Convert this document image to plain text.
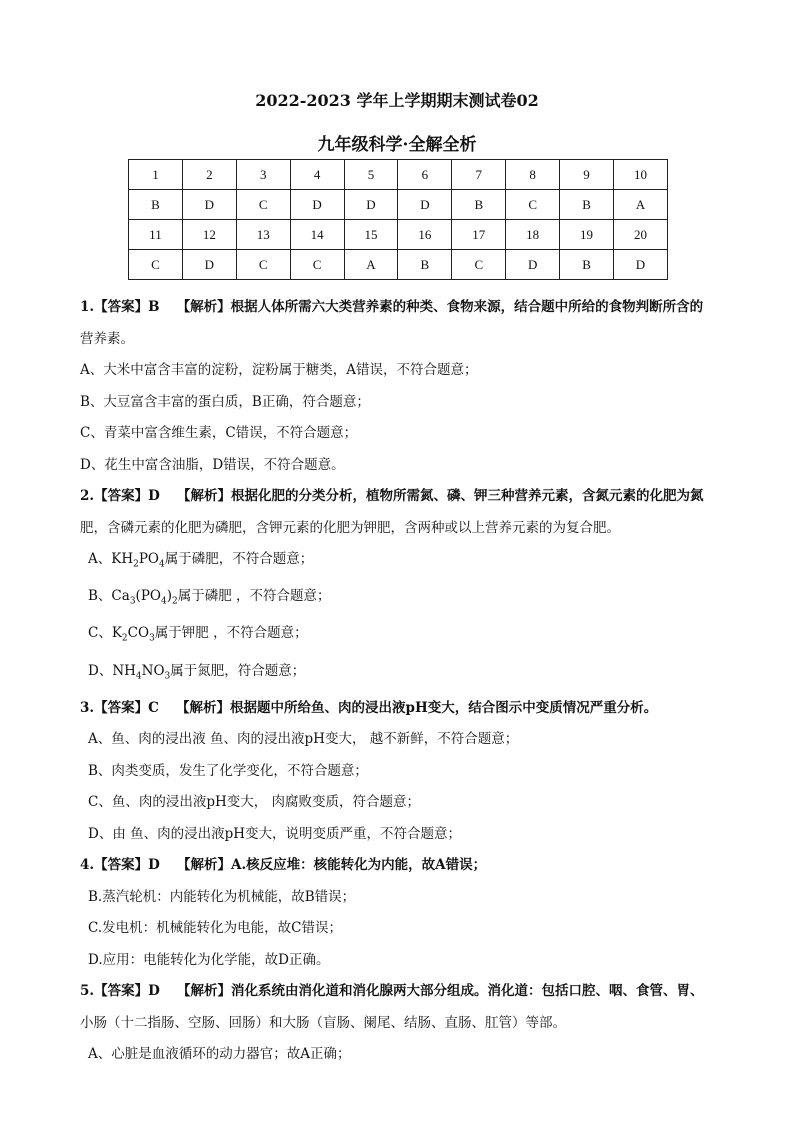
2022-2023 学年上学期期末测试卷02
九年级科学·全解全析
1	2	3	4	5	6	7	8	9	10
B	D	C	D	D	D	B	C	B	A
11	12	13	14	15	16	17	18	19	20
C	D	C	C	A	B	C	D	B	D

1.【答案】B 【解析】根据人体所需六大类营养素的种类、食物来源，结合题中所给的食物判断所含的

营养素。

A、大米中富含丰富的淀粉，淀粉属于糖类，A错误，不符合题意；

B、大豆富含丰富的蛋白质，B正确，符合题意；

C、青菜中富含维生素，C错误，不符合题意；

D、花生中富含油脂，D错误，不符合题意。

2.【答案】D 【解析】根据化肥的分类分析，植物所需氮、磷、钾三种营养元素，含氮元素的化肥为氮

肥，含磷元素的化肥为磷肥，含钾元素的化肥为钾肥，含两种或以上营养元素的为复合肥。

A、$KH_2PO_4$属于磷肥，不符合题意；

B、$Ca_3(PO_4)_2$属于磷肥 ，不符合题意；

C、$K_2CO_3$属于钾肥 ，不符合题意；

D、$NH_4NO_3$属于氮肥，符合题意；

3.【答案】C 【解析】根据题中所给鱼、肉的浸出液pH变大，结合图示中变质情况严重分析。

A、鱼、肉的浸出液 鱼、肉的浸出液pH变大， 越不新鲜，不符合题意；

B、肉类变质，发生了化学变化，不符合题意；

C、鱼、肉的浸出液pH变大， 肉腐败变质，符合题意；

D、由 鱼、肉的浸出液pH变大，说明变质严重，不符合题意；

4.【答案】D 【解析】A.核反应堆：核能转化为内能，故A错误；

B.蒸汽轮机：内能转化为机械能，故B错误；

C.发电机：机械能转化为电能，故C错误；

D.应用：电能转化为化学能，故D正确。

5.【答案】D 【解析】消化系统由消化道和消化腺两大部分组成。消化道：包括口腔、咽、食管、胃、

小肠（十二指肠、空肠、回肠）和大肠（盲肠、阑尾、结肠、直肠、肛管）等部。

A、心脏是血液循环的动力器官；故A正确；
